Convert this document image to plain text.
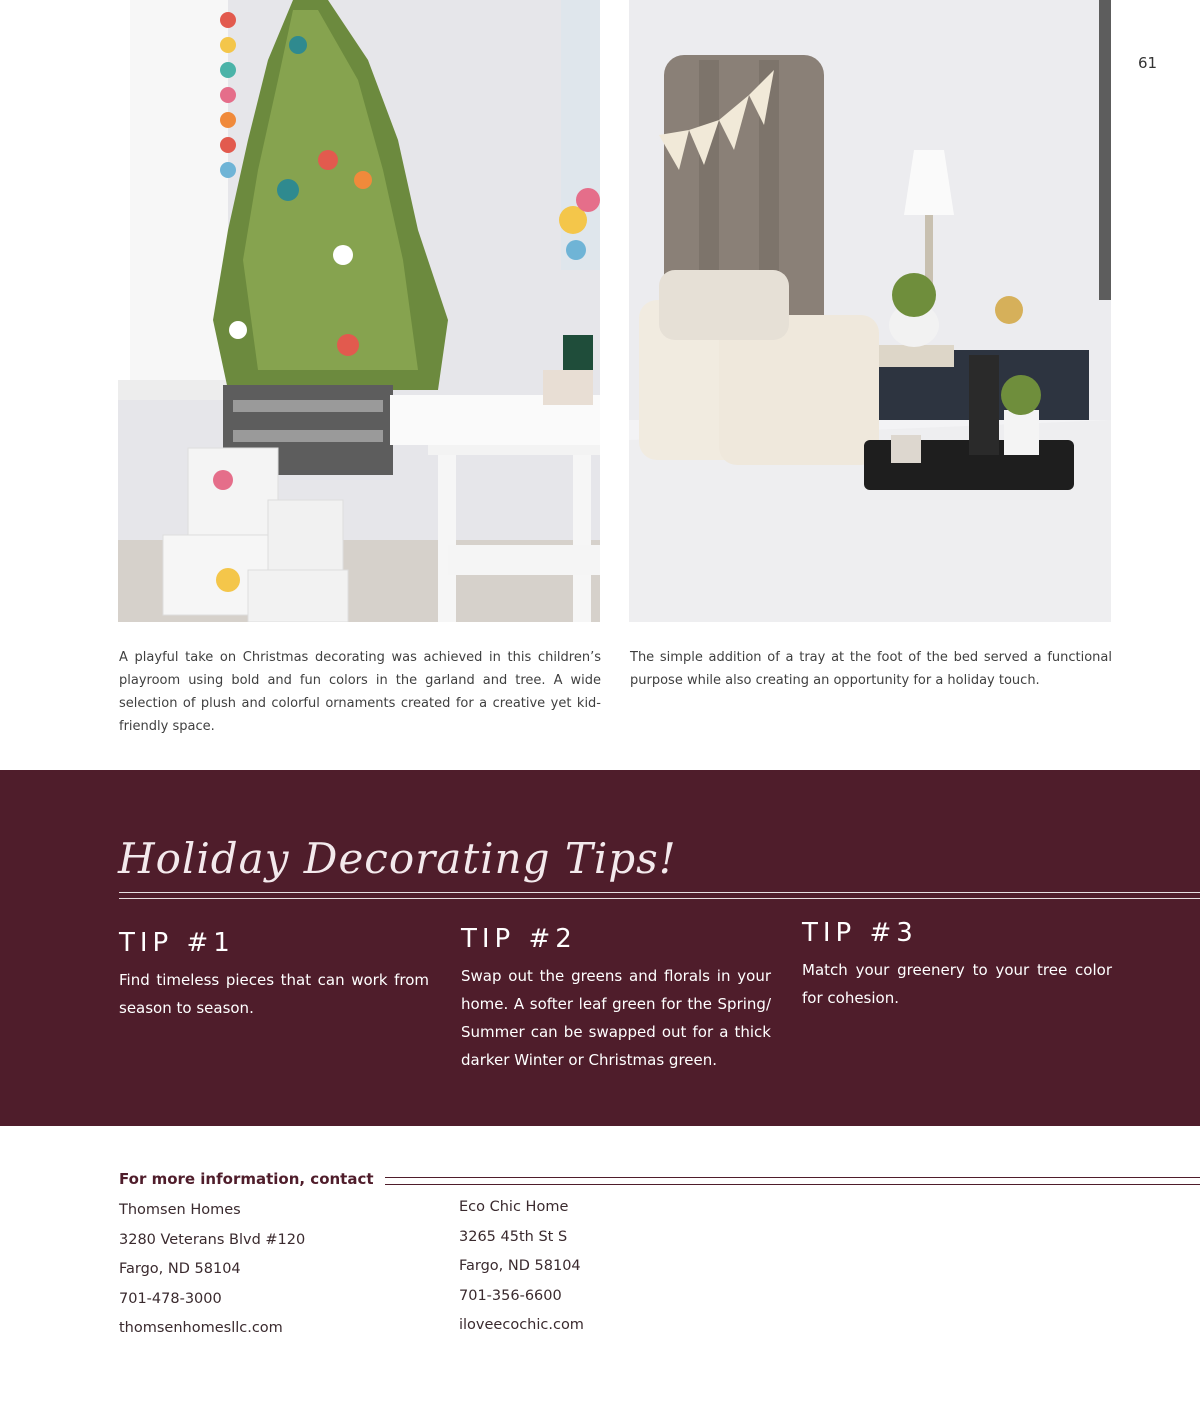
61
A playful take on Christmas decorating was achieved in this children’s playroom using bold and fun colors in the garland and tree. A wide selection of plush and colorful ornaments created for a creative yet kid-friendly space.
The simple addition of a tray at the foot of the bed served a functional purpose while also creating an opportunity for a holiday touch.
Holiday Decorating Tips!
TIP #1

Find timeless pieces that can work from season to season.

TIP #2

Swap out the greens and florals in your home. A softer leaf green for the Spring/ Summer can be swapped out for a thick darker Winter or Christmas green.

TIP #3

Match your greenery to your tree color for cohesion.

For more information, contact
Thomsen Homes
3280 Veterans Blvd #120
Fargo, ND 58104
701-478-3000
thomsenhomesllc.com
Eco Chic Home
3265 45th St S
Fargo, ND 58104
701-356-6600
iloveecochic.com
